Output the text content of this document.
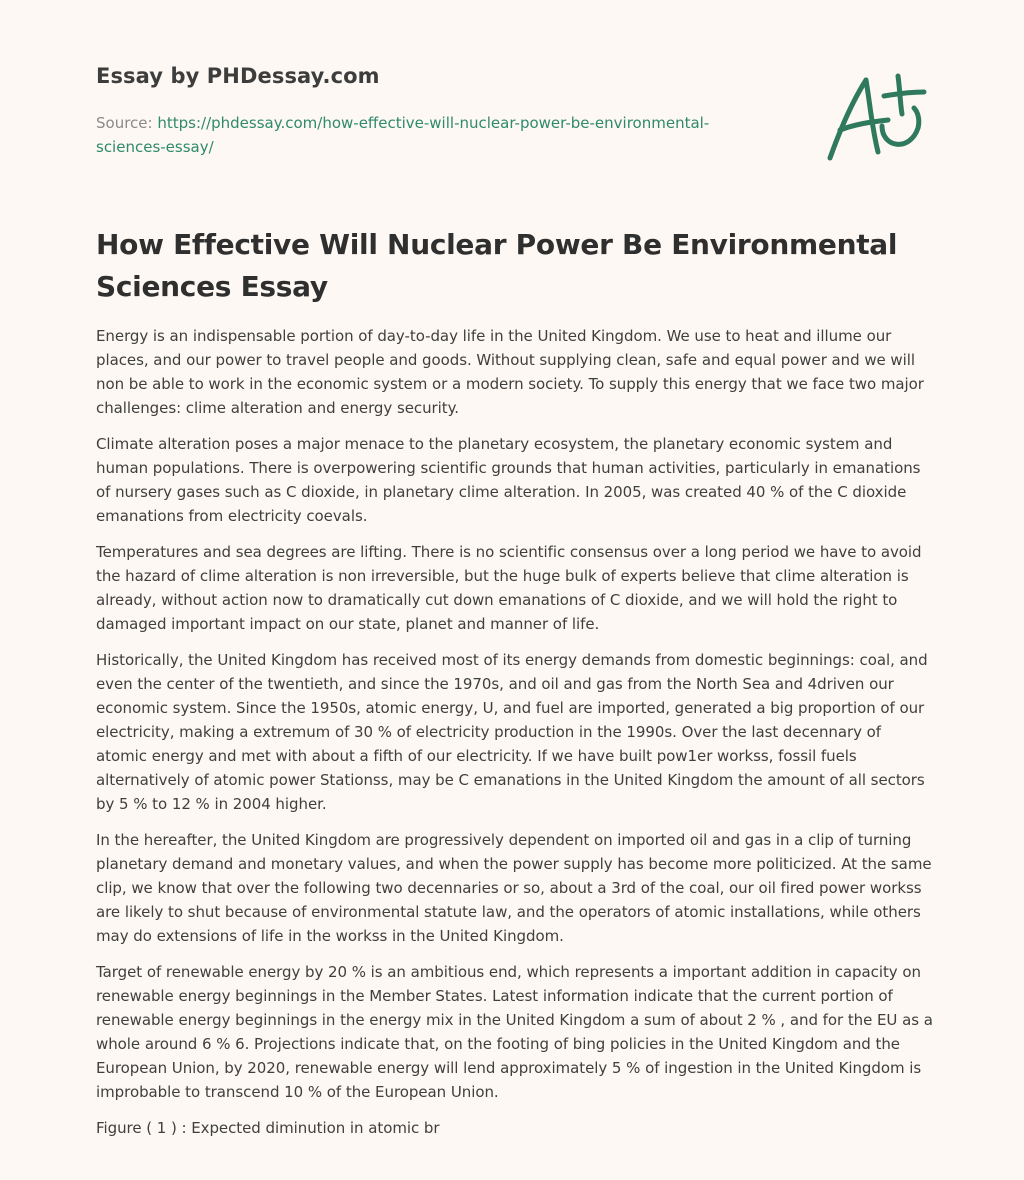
Essay by PHDessay.com
Source: https://phdessay.com/how-effective-will-nuclear-power-be-environmental-sciences-essay/
How Effective Will Nuclear Power Be Environmental Sciences Essay

Energy is an indispensable portion of day-to-day life in the United Kingdom. We use to heat and illume our places, and our power to travel people and goods. Without supplying clean, safe and equal power and we will non be able to work in the economic system or a modern society. To supply this energy that we face two major challenges: clime alteration and energy security.

Climate alteration poses a major menace to the planetary ecosystem, the planetary economic system and human populations. There is overpowering scientific grounds that human activities, particularly in emanations of nursery gases such as C dioxide, in planetary clime alteration. In 2005, was created 40 % of the C dioxide emanations from electricity coevals.

Temperatures and sea degrees are lifting. There is no scientific consensus over a long period we have to avoid the hazard of clime alteration is non irreversible, but the huge bulk of experts believe that clime alteration is already, without action now to dramatically cut down emanations of C dioxide, and we will hold the right to damaged important impact on our state, planet and manner of life.

Historically, the United Kingdom has received most of its energy demands from domestic beginnings: coal, and even the center of the twentieth, and since the 1970s, and oil and gas from the North Sea and 4driven our economic system. Since the 1950s, atomic energy, U, and fuel are imported, generated a big proportion of our electricity, making a extremum of 30 % of electricity production in the 1990s. Over the last decennary of atomic energy and met with about a fifth of our electricity. If we have built pow1er workss, fossil fuels alternatively of atomic power Stationss, may be C emanations in the United Kingdom the amount of all sectors by 5 % to 12 % in 2004 higher.

In the hereafter, the United Kingdom are progressively dependent on imported oil and gas in a clip of turning planetary demand and monetary values, and when the power supply has become more politicized. At the same clip, we know that over the following two decennaries or so, about a 3rd of the coal, our oil fired power workss are likely to shut because of environmental statute law, and the operators of atomic installations, while others may do extensions of life in the workss in the United Kingdom.

Target of renewable energy by 20 % is an ambitious end, which represents a important addition in capacity on renewable energy beginnings in the Member States. Latest information indicate that the current portion of renewable energy beginnings in the energy mix in the United Kingdom a sum of about 2 % , and for the EU as a whole around 6 % 6. Projections indicate that, on the footing of bing policies in the United Kingdom and the European Union, by 2020, renewable energy will lend approximately 5 % of ingestion in the United Kingdom is improbable to transcend 10 % of the European Union.

Figure ( 1 ) : Expected diminution in atomic br
